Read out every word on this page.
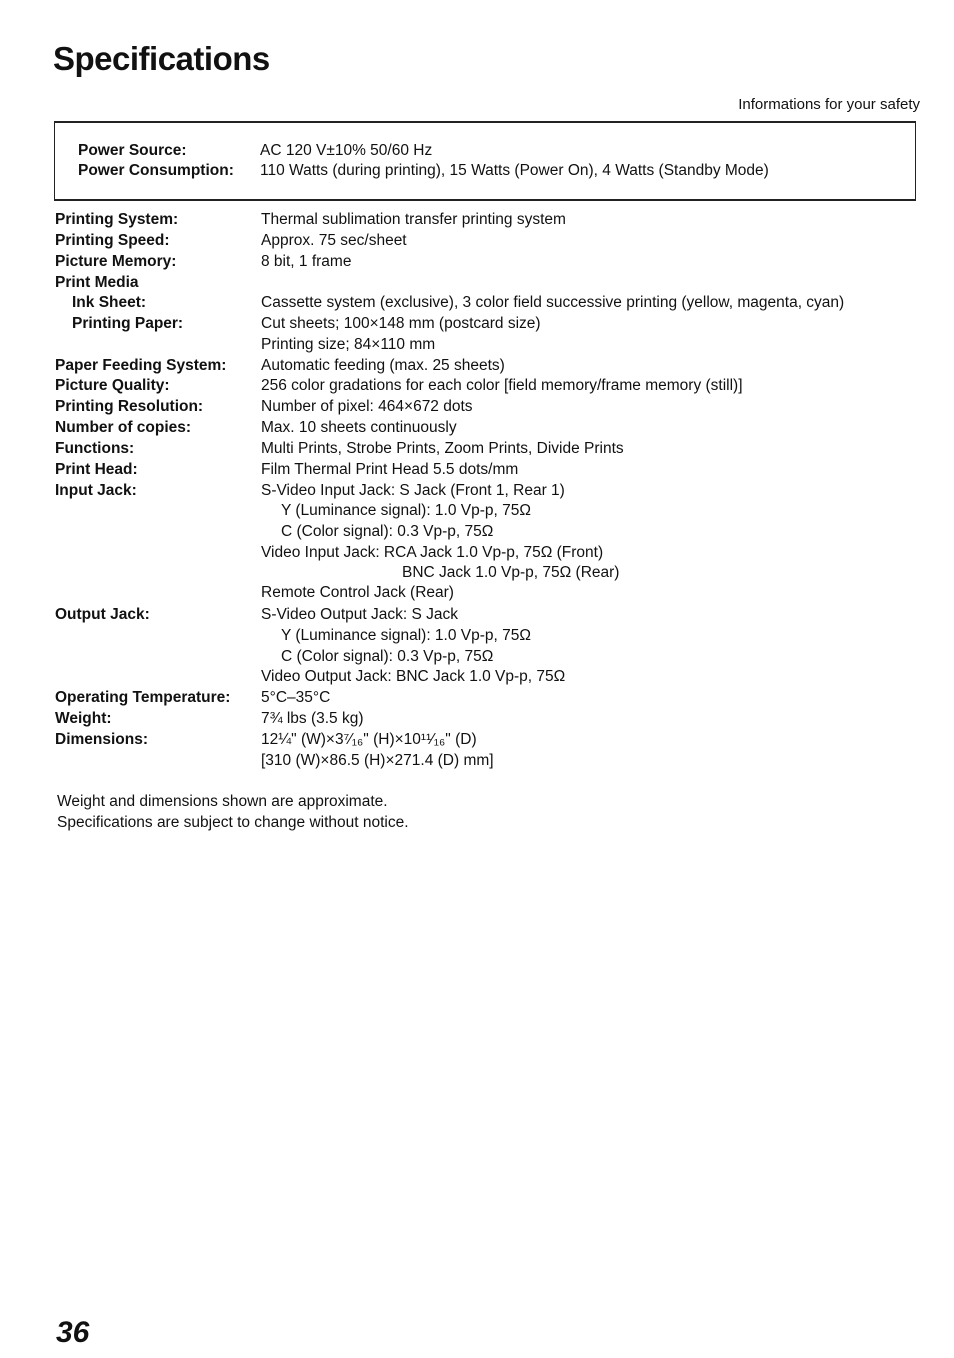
Specifications
Informations for your safety
Power Source:	AC 120 V±10% 50/60 Hz
Power Consumption: 110 Watts (during printing), 15 Watts (Power On), 4 Watts (Standby Mode)
Printing System:	Thermal sublimation transfer printing system
Printing Speed:	Approx. 75 sec/sheet
Picture Memory:	8 bit, 1 frame
Print Media
Ink Sheet:	Cassette system (exclusive), 3 color field successive printing (yellow, magenta, cyan)
Printing Paper:	Cut sheets; 100×148 mm (postcard size)
Printing size; 84×110 mm
Paper Feeding System: Automatic feeding (max. 25 sheets)
Picture Quality:	256 color gradations for each color [field memory/frame memory (still)]
Printing Resolution:	Number of pixel: 464×672 dots
Number of copies:	Max. 10 sheets continuously
Functions:	Multi Prints, Strobe Prints, Zoom Prints, Divide Prints
Print Head:	Film Thermal Print Head 5.5 dots/mm
Input Jack:	S-Video Input Jack: S Jack (Front 1, Rear 1)
Y (Luminance signal): 1.0 Vp-p, 75Ω
C (Color signal): 0.3 Vp-p, 75Ω
Video Input Jack: RCA Jack 1.0 Vp-p, 75Ω (Front)
BNC Jack 1.0 Vp-p, 75Ω (Rear)
Remote Control Jack (Rear)
Output Jack:	S-Video Output Jack: S Jack
Y (Luminance signal): 1.0 Vp-p, 75Ω
C (Color signal): 0.3 Vp-p, 75Ω
Video Output Jack: BNC Jack 1.0 Vp-p, 75Ω
Operating Temperature: 5°C–35°C
Weight:	7¾ lbs (3.5 kg)
Dimensions:	12¼" (W)×3⁷⁄₁₆" (H)×10¹¹⁄₁₆" (D)
[310 (W)×86.5 (H)×271.4 (D) mm]
Weight and dimensions shown are approximate.
Specifications are subject to change without notice.
36
